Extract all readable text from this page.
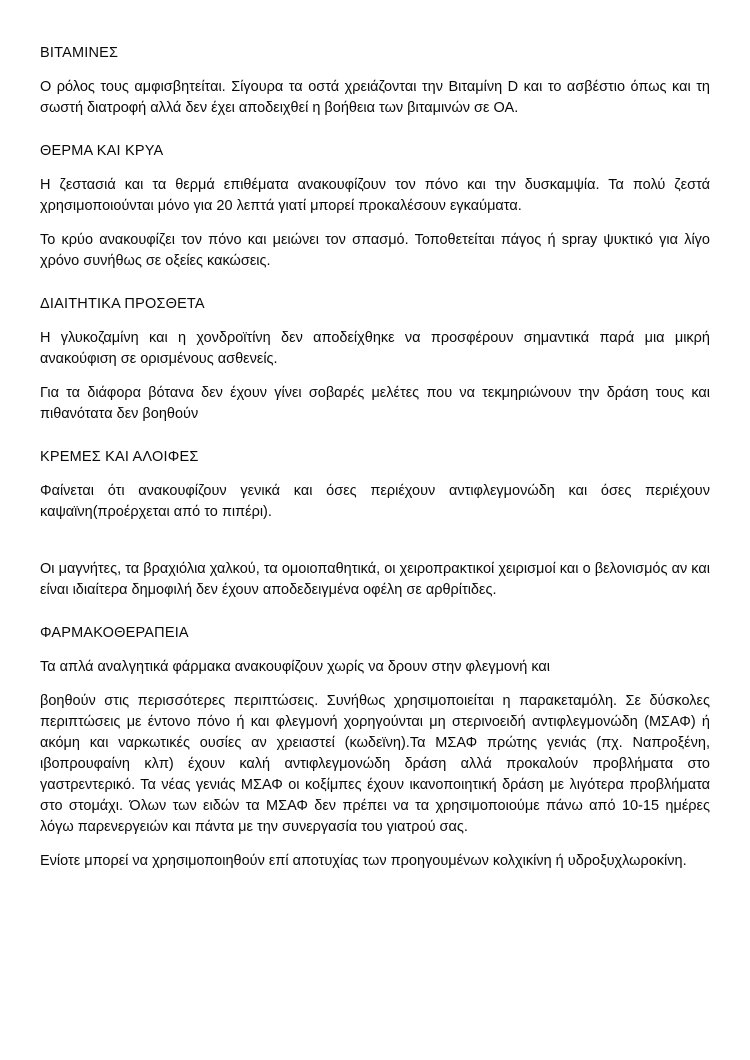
ΒΙΤΑΜΙΝΕΣ

Ο ρόλος τους αμφισβητείται. Σίγουρα τα οστά χρειάζονται την Βιταμίνη D και το ασβέστιο όπως και τη σωστή διατροφή αλλά δεν έχει αποδειχθεί η βοήθεια των βιταμινών σε ΟΑ.

ΘΕΡΜΑ ΚΑΙ ΚΡΥΑ

Η ζεστασιά και τα θερμά επιθέματα ανακουφίζουν τον πόνο και την δυσκαμψία. Τα πολύ ζεστά χρησιμοποιούνται μόνο για 20 λεπτά γιατί μπορεί προκαλέσουν εγκαύματα.

Το κρύο ανακουφίζει τον πόνο και μειώνει τον σπασμό. Τοποθετείται πάγος ή spray ψυκτικό για λίγο χρόνο συνήθως σε οξείες κακώσεις.

ΔΙΑΙΤΗΤΙΚΑ ΠΡΟΣΘΕΤΑ

Η γλυκοζαμίνη και η χονδροϊτίνη δεν αποδείχθηκε να προσφέρουν σημαντικά παρά μια μικρή ανακούφιση σε ορισμένους ασθενείς.

Για τα διάφορα βότανα δεν έχουν γίνει σοβαρές μελέτες που να τεκμηριώνουν την δράση τους και πιθανότατα δεν βοηθούν

ΚΡΕΜΕΣ ΚΑΙ ΑΛΟΙΦΕΣ

Φαίνεται ότι ανακουφίζουν γενικά και όσες περιέχουν αντιφλεγμονώδη και όσες περιέχουν καψαϊνη(προέρχεται από το πιπέρι).

Οι μαγνήτες, τα βραχιόλια χαλκού, τα ομοιοπαθητικά, οι χειροπρακτικοί χειρισμοί και ο βελονισμός αν και είναι ιδιαίτερα δημοφιλή δεν έχουν αποδεδειγμένα οφέλη σε αρθρίτιδες.

ΦΑΡΜΑΚΟΘΕΡΑΠΕΙΑ

Τα απλά αναλγητικά φάρμακα ανακουφίζουν χωρίς να δρουν στην φλεγμονή και

βοηθούν στις περισσότερες περιπτώσεις. Συνήθως χρησιμοποιείται η παρακεταμόλη. Σε δύσκολες περιπτώσεις με έντονο πόνο ή και φλεγμονή χορηγούνται μη στερινοειδή αντιφλεγμονώδη (ΜΣΑΦ) ή ακόμη και ναρκωτικές ουσίες αν χρειαστεί (κωδεϊνη).Τα ΜΣΑΦ πρώτης γενιάς (πχ. Ναπροξένη, ιβοπρουφαίνη κλπ) έχουν καλή αντιφλεγμονώδη δράση αλλά προκαλούν προβλήματα στο γαστρεντερικό. Τα νέας γενιάς ΜΣΑΦ οι κοξίμπες έχουν ικανοποιητική δράση με λιγότερα προβλήματα στο στομάχι. Όλων των ειδών τα ΜΣΑΦ δεν πρέπει να τα χρησιμοποιούμε πάνω από 10-15 ημέρες λόγω παρενεργειών και πάντα με την συνεργασία του γιατρού σας.

Ενίοτε μπορεί να χρησιμοποιηθούν επί αποτυχίας των προηγουμένων κολχικίνη ή υδροξυχλωροκίνη.
